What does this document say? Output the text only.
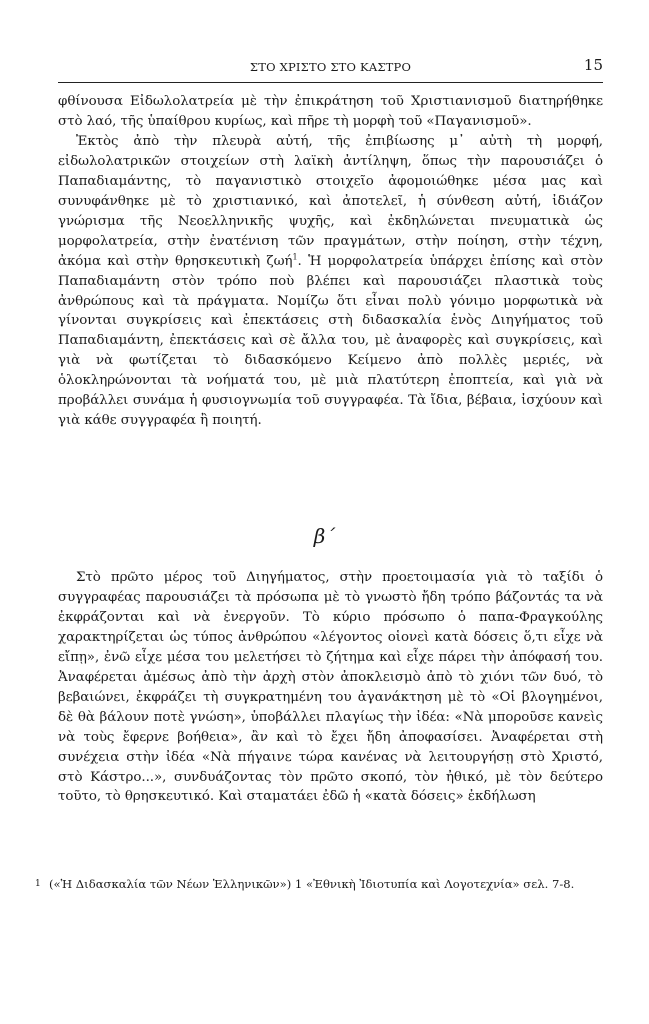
ΣΤΟ ΧΡΙΣΤΟ ΣΤΟ ΚΑΣΤΡΟ	15

φθίνουσα Εἰδωλολατρεία μὲ τὴν ἐπικράτηση τοῦ Χριστιανισμοῦ διατηρήθηκε στὸ λαό, τῆς ὑπαίθρου κυρίως, καὶ πῆρε τὴ μορφὴ τοῦ «Παγανισμοῦ».

Ἐκτὸς ἀπὸ τὴν πλευρὰ αὐτή, τῆς ἐπιβίωσης μ᾽ αὐτὴ τὴ μορφή, εἰδωλολατρικῶν στοιχείων στὴ λαϊκὴ ἀντίληψη, ὅπως τὴν παρουσιάζει ὁ Παπαδιαμάντης, τὸ παγανιστικὸ στοιχεῖο ἀφομοιώθηκε μέσα μας καὶ συνυφάνθηκε μὲ τὸ χριστιανικό, καὶ ἀποτελεῖ, ἡ σύνθεση αὐτή, ἰδιάζον γνώρισμα τῆς Νεοελληνικῆς ψυχῆς, καὶ ἐκδηλώνεται πνευματικὰ ὡς μορφολατρεία, στὴν ἐνατένιση τῶν πραγμάτων, στὴν ποίηση, στὴν τέχνη, ἀκόμα καὶ στὴν θρησκευτικὴ ζωή$^1$. Ἡ μορφολατρεία ὑπάρχει ἐπίσης καὶ στὸν Παπαδιαμάντη στὸν τρόπο ποὺ βλέπει καὶ παρουσιάζει πλαστικὰ τοὺς ἀνθρώπους καὶ τὰ πράγματα. Νομίζω ὅτι εἶναι πολὺ γόνιμο μορφωτικὰ νὰ γίνονται συγκρίσεις καὶ ἐπεκτάσεις στὴ διδασκαλία ἑνὸς Διηγήματος τοῦ Παπαδιαμάντη, ἐπεκτάσεις καὶ σὲ ἄλλα του, μὲ ἀναφορὲς καὶ συγκρίσεις, καὶ γιὰ νὰ φωτίζεται τὸ διδασκόμενο Κείμενο ἀπὸ πολλὲς μεριές, νὰ ὁλοκληρώνονται τὰ νοήματά του, μὲ μιὰ πλατύτερη ἐποπτεία, καὶ γιὰ νὰ προβάλλει συνάμα ἡ φυσιογνωμία τοῦ συγγραφέα. Τὰ ἴδια, βέβαια, ἰσχύουν καὶ γιὰ κάθε συγγραφέα ἢ ποιητή.

β´

Στὸ πρῶτο μέρος τοῦ Διηγήματος, στὴν προετοιμασία γιὰ τὸ ταξίδι ὁ συγγραφέας παρουσιάζει τὰ πρόσωπα μὲ τὸ γνωστὸ ἤδη τρόπο βάζοντάς τα νὰ ἐκφράζονται καὶ νὰ ἐνεργοῦν. Τὸ κύριο πρόσωπο ὁ παπα-Φραγκούλης χαρακτηρίζεται ὡς τύπος ἀνθρώπου «λέγοντος οἱονεὶ κατὰ δόσεις ὅ,τι εἶχε νὰ εἴπῃ», ἐνῶ εἶχε μέσα του μελετήσει τὸ ζήτημα καὶ εἶχε πάρει τὴν ἀπόφασή του. Ἀναφέρεται ἀμέσως ἀπὸ τὴν ἀρχὴ στὸν ἀποκλεισμὸ ἀπὸ τὸ χιόνι τῶν δυό, τὸ βεβαιώνει, ἐκφράζει τὴ συγκρατημένη του ἀγανάκτηση μὲ τὸ «Οἱ βλογημένοι, δὲ θὰ βάλουν ποτὲ γνώση», ὑποβάλλει πλαγίως τὴν ἰδέα: «Νὰ μποροῦσε κανεὶς νὰ τοὺς ἔφερνε βοήθεια», ἂν καὶ τὸ ἔχει ἤδη ἀποφασίσει. Ἀναφέρεται στὴ συνέχεια στὴν ἰδέα «Νὰ πήγαινε τώρα κανένας νὰ λειτουργήσῃ στὸ Χριστό, στὸ Κάστρο...», συνδυάζοντας τὸν πρῶτο σκοπό, τὸν ἠθικό, μὲ τὸν δεύτερο τοῦτο, τὸ θρησκευτικό. Καὶ σταματάει ἐδῶ ἡ «κατὰ δόσεις» ἐκδήλωση

1 («Ἡ Διδασκαλία τῶν Νέων Ἑλληνικῶν») 1 «Ἐθνικὴ Ἰδιοτυπία καὶ Λογοτεχνία» σελ. 7-8.
